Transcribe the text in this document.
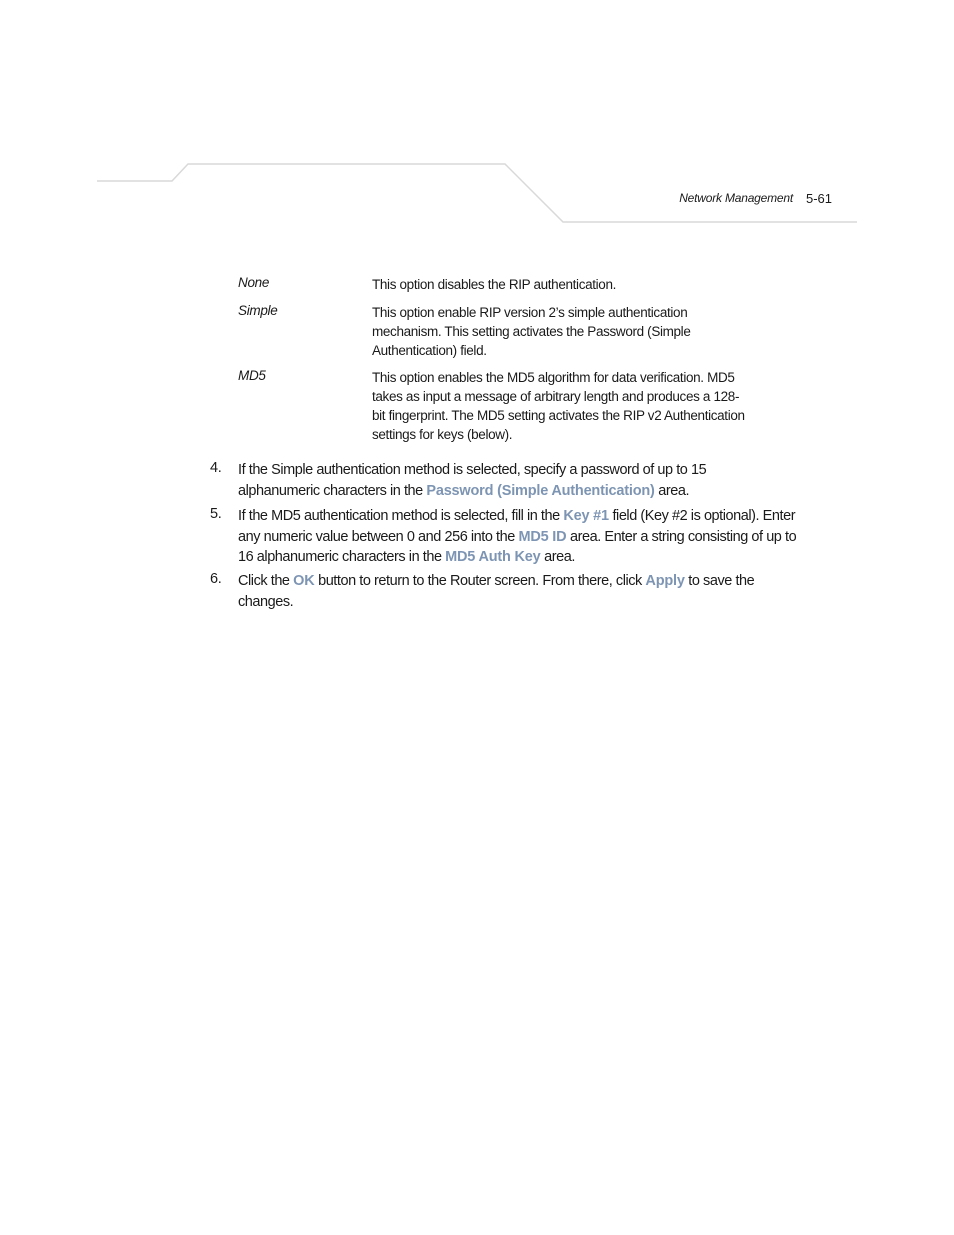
Network Management 5-61
None	This option disables the RIP authentication.
Simple	This option enable RIP version 2’s simple authentication mechanism. This setting activates the Password (Simple Authentication) field.
MD5	This option enables the MD5 algorithm for data verification. MD5 takes as input a message of arbitrary length and produces a 128-bit fingerprint. The MD5 setting activates the RIP v2 Authentication settings for keys (below).
4. If the Simple authentication method is selected, specify a password of up to 15 alphanumeric characters in the Password (Simple Authentication) area.
5. If the MD5 authentication method is selected, fill in the Key #1 field (Key #2 is optional). Enter any numeric value between 0 and 256 into the MD5 ID area. Enter a string consisting of up to 16 alphanumeric characters in the MD5 Auth Key area.
6. Click the OK button to return to the Router screen. From there, click Apply to save the changes.
